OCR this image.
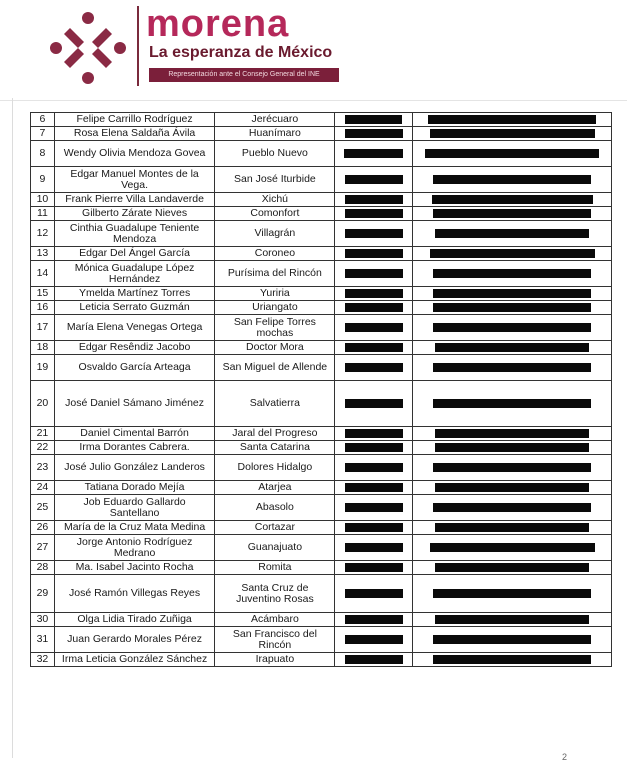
morena
La esperanza de México
Representación ante el Consejo General del INE
6	Felipe Carrillo Rodríguez	Jerécuaro	

7	Rosa Elena Saldaña Ávila	Huanímaro	

8	Wendy Olivia Mendoza Govea	Pueblo Nuevo	

9	Edgar Manuel Montes de la Vega.	San José Iturbide	

10	Frank Pierre Villa Landaverde	Xichú	

11	Gilberto Zárate Nieves	Comonfort	

12	Cinthia Guadalupe Teniente Mendoza	Villagrán	

13	Edgar Del Ángel García	Coroneo	

14	Mónica Guadalupe López Hernández	Purísima del Rincón	

15	Ymelda Martínez Torres	Yuriria	

16	Leticia Serrato Guzmán	Uriangato	

17	María Elena Venegas Ortega	San Felipe Torres mochas	

18	Edgar Resêndiz Jacobo	Doctor Mora	

19	Osvaldo García Arteaga	San Miguel de Allende	

20	José Daniel Sámano Jiménez	Salvatierra	

21	Daniel Cimental Barrón	Jaral del Progreso	

22	Irma Dorantes Cabrera.	Santa Catarina	

23	José Julio González Landeros	Dolores Hidalgo	

24	Tatiana Dorado Mejía	Atarjea	

25	Job Eduardo Gallardo Santellano	Abasolo	

26	María de la Cruz Mata Medina	Cortazar	

27	Jorge Antonio Rodríguez Medrano	Guanajuato	

28	Ma. Isabel Jacinto Rocha	Romita	

29	José Ramón Villegas Reyes	Santa Cruz de Juventino Rosas	

30	Olga Lidia Tirado Zuñiga	Acámbaro	

31	Juan Gerardo Morales Pérez	San Francisco del Rincón	

32	Irma Leticia González Sánchez	Irapuato	

2
